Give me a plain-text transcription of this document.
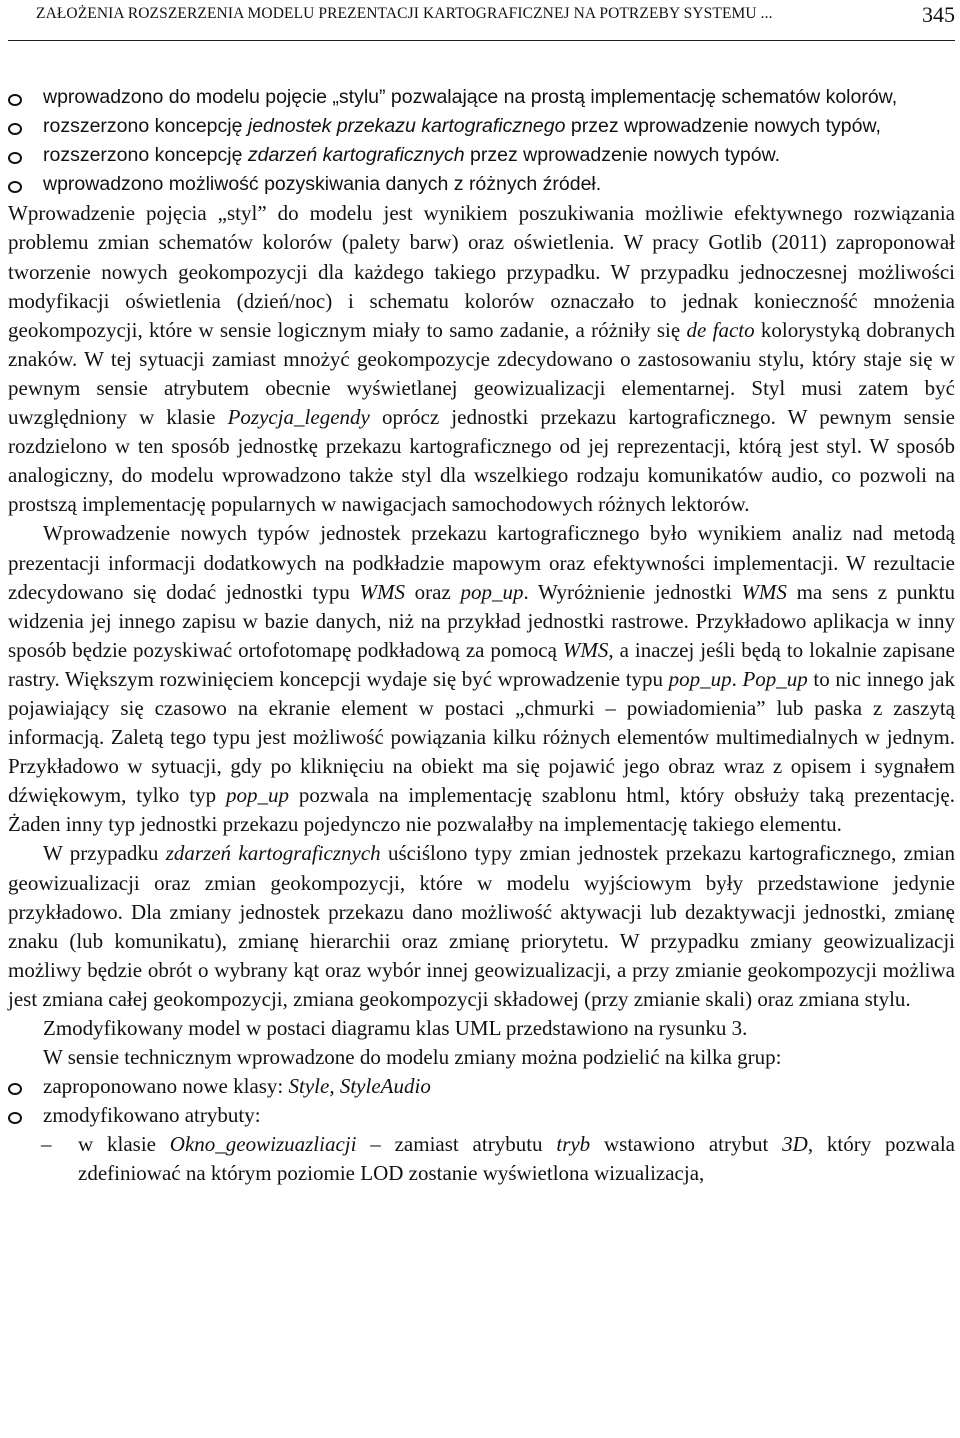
ZAŁOŻENIA ROZSZERZENIA MODELU PREZENTACJI KARTOGRAFICZNEJ NA POTRZEBY SYSTEMU ...	345
wprowadzono do modelu pojęcie „stylu” pozwalające na prostą implementację schematów kolorów,
rozszerzono koncepcję jednostek przekazu kartograficznego przez wprowadzenie nowych typów,
rozszerzono koncepcję zdarzeń kartograficznych przez wprowadzenie nowych typów.
wprowadzono możliwość pozyskiwania danych z różnych źródeł.

Wprowadzenie pojęcia „styl” do modelu jest wynikiem poszukiwania możliwie efektywnego rozwiązania problemu zmian schematów kolorów (palety barw) oraz oświetlenia. W pracy Gotlib (2011) zaproponował tworzenie nowych geokompozycji dla każdego takiego przypadku. W przypadku jednoczesnej możliwości modyfikacji oświetlenia (dzień/noc) i schematu kolorów oznaczało to jednak konieczność mnożenia geokompozycji, które w sensie logicznym miały to samo zadanie, a różniły się de facto kolorystyką dobranych znaków. W tej sytuacji zamiast mnożyć geokompozycje zdecydowano o zastosowaniu stylu, który staje się w pewnym sensie atrybutem obecnie wyświetlanej geowizualizacji elementarnej. Styl musi zatem być uwzględniony w klasie Pozycja_legendy oprócz jednostki przekazu kartograficznego. W pewnym sensie rozdzielono w ten sposób jednostkę przekazu kartograficznego od jej reprezentacji, którą jest styl. W sposób analogiczny, do modelu wprowadzono także styl dla wszelkiego rodzaju komunikatów audio, co pozwoli na prostszą implementację popularnych w nawigacjach samochodowych różnych lektorów.

Wprowadzenie nowych typów jednostek przekazu kartograficznego było wynikiem analiz nad metodą prezentacji informacji dodatkowych na podkładzie mapowym oraz efektywności implementacji. W rezultacie zdecydowano się dodać jednostki typu WMS oraz pop_up. Wyróżnienie jednostki WMS ma sens z punktu widzenia jej innego zapisu w bazie danych, niż na przykład jednostki rastrowe. Przykładowo aplikacja w inny sposób będzie pozyskiwać ortofotomapę podkładową za pomocą WMS, a inaczej jeśli będą to lokalnie zapisane rastry. Większym rozwinięciem koncepcji wydaje się być wprowadzenie typu pop_up. Pop_up to nic innego jak pojawiający się czasowo na ekranie element w postaci „chmurki – powiadomienia” lub paska z zaszytą informacją. Zaletą tego typu jest możliwość powiązania kilku różnych elementów multimedialnych w jednym. Przykładowo w sytuacji, gdy po kliknięciu na obiekt ma się pojawić jego obraz wraz z opisem i sygnałem dźwiękowym, tylko typ pop_up pozwala na implementację szablonu html, który obsłuży taką prezentację. Żaden inny typ jednostki przekazu pojedynczo nie pozwalałby na implementację takiego elementu.

W przypadku zdarzeń kartograficznych uściślono typy zmian jednostek przekazu kartograficznego, zmian geowizualizacji oraz zmian geokompozycji, które w modelu wyjściowym były przedstawione jedynie przykładowo. Dla zmiany jednostek przekazu dano możliwość aktywacji lub dezaktywacji jednostki, zmianę znaku (lub komunikatu), zmianę hierarchii oraz zmianę priorytetu. W przypadku zmiany geowizualizacji możliwy będzie obrót o wybrany kąt oraz wybór innej geowizualizacji, a przy zmianie geokompozycji możliwa jest zmiana całej geokompozycji, zmiana geokompozycji składowej (przy zmianie skali) oraz zmiana stylu.

Zmodyfikowany model w postaci diagramu klas UML przedstawiono na rysunku 3.

W sensie technicznym wprowadzone do modelu zmiany można podzielić na kilka grup:

zaproponowano nowe klasy: Style, StyleAudio
zmodyfikowano atrybuty:
– w klasie Okno_geowizuazliacji – zamiast atrybutu tryb wstawiono atrybut 3D, który pozwala zdefiniować na którym poziomie LOD zostanie wyświetlona wizualizacja,
